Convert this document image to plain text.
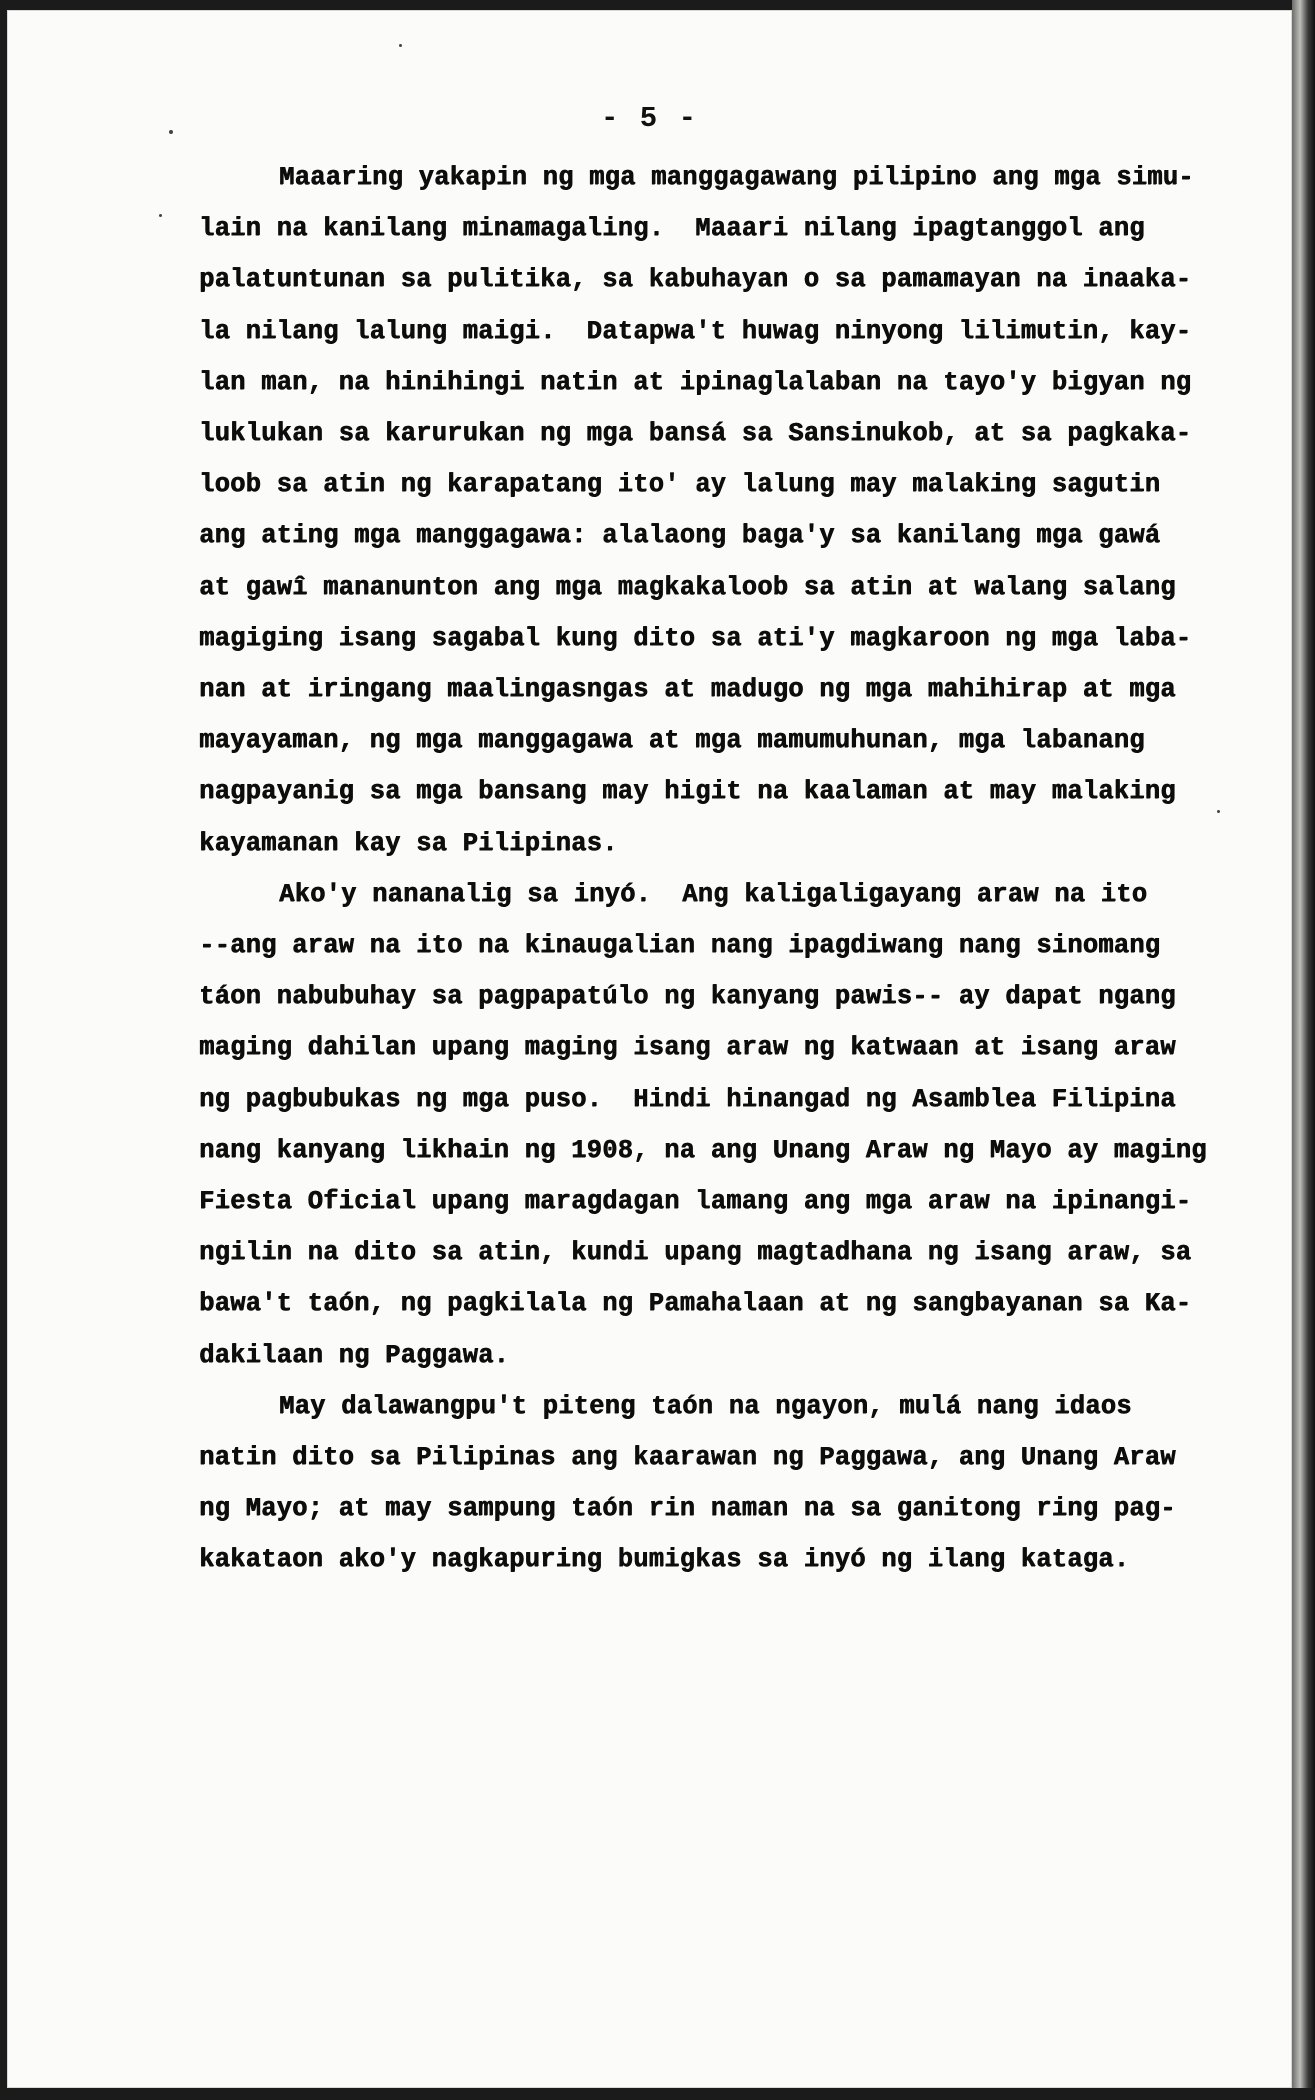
- 5 -
Maaaring yakapin ng mga manggagawang pilipino ang mga simu-
lain na kanilang minamagaling.  Maaari nilang ipagtanggol ang
palatuntunan sa pulitika, sa kabuhayan o sa pamamayan na inaaka-
la nilang lalung maigi.  Datapwa't huwag ninyong lilimutin, kay-
lan man, na hinihingi natin at ipinaglalaban na tayo'y bigyan ng
luklukan sa karurukan ng mga bansá sa Sansinukob, at sa pagkaka-
loob sa atin ng karapatang ito' ay lalung may malaking sagutin
ang ating mga manggagawa: alalaong baga'y sa kanilang mga gawá
at gawî mananunton ang mga magkakaloob sa atin at walang salang
magiging isang sagabal kung dito sa ati'y magkaroon ng mga laba-
nan at iringang maalingasngas at madugo ng mga mahihirap at mga
mayayaman, ng mga manggagawa at mga mamumuhunan, mga labanang
nagpayanig sa mga bansang may higit na kaalaman at may malaking
kayamanan kay sa Pilipinas.
Ako'y nananalig sa inyó.  Ang kaligaligayang araw na ito
--ang araw na ito na kinaugalian nang ipagdiwang nang sinomang
táon nabubuhay sa pagpapatúlo ng kanyang pawis-- ay dapat ngang
maging dahilan upang maging isang araw ng katwaan at isang araw
ng pagbubukas ng mga puso.  Hindi hinangad ng Asamblea Filipina
nang kanyang likhain ng 1908, na ang Unang Araw ng Mayo ay maging
Fiesta Oficial upang maragdagan lamang ang mga araw na ipinangi-
ngilin na dito sa atin, kundi upang magtadhana ng isang araw, sa
bawa't taón, ng pagkilala ng Pamahalaan at ng sangbayanan sa Ka-
dakilaan ng Paggawa.
May dalawangpu't piteng taón na ngayon, mulá nang idaos
natin dito sa Pilipinas ang kaarawan ng Paggawa, ang Unang Araw
ng Mayo; at may sampung taón rin naman na sa ganitong ring pag-
kakataon ako'y nagkapuring bumigkas sa inyó ng ilang kataga.
